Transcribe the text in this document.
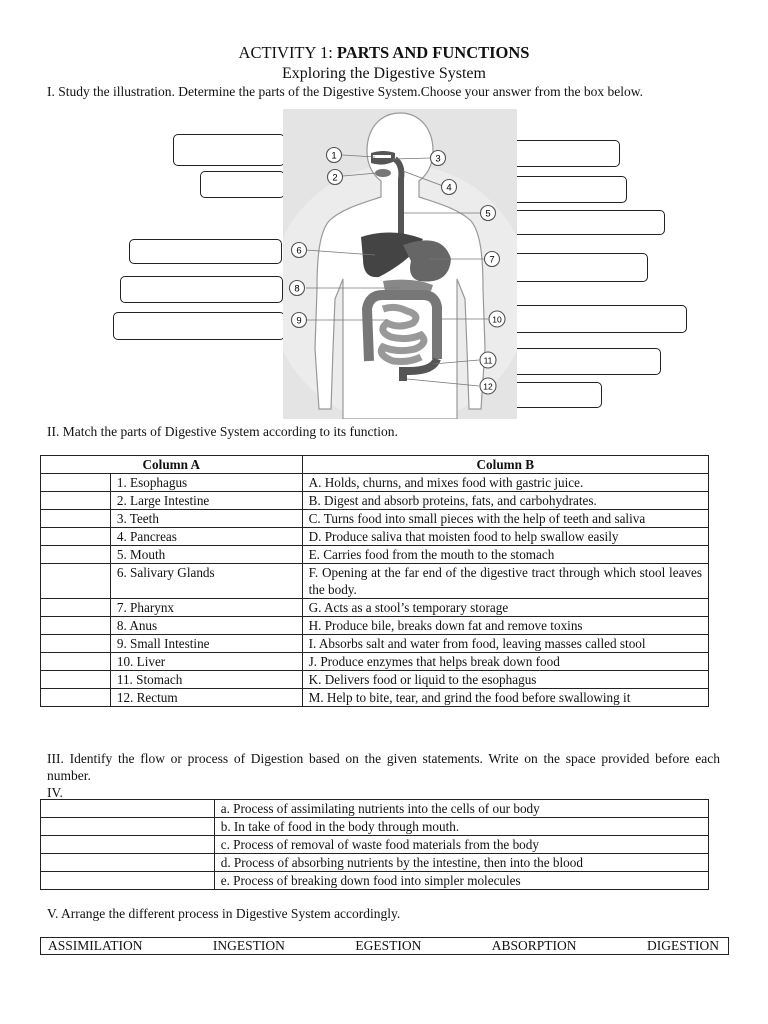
ACTIVITY 1: PARTS AND FUNCTIONS
Exploring the Digestive System
I. Study the illustration. Determine the parts of the Digestive System.Choose your answer from the box below.
1
2
3
4
5
6
7
8
9	10
11
12
II. Match the parts of Digestive System according to its function.
Column A		Column B
	1. Esophagus	A. Holds, churns, and mixes food with gastric juice.
	2. Large Intestine	B. Digest and absorb proteins, fats, and carbohydrates.
	3. Teeth	C. Turns food into small pieces with the help of teeth and saliva
	4. Pancreas	D. Produce saliva that moisten food to help swallow easily
	5. Mouth	E. Carries food from the mouth to the stomach
	6. Salivary Glands	F. Opening at the far end of the digestive tract through which stool leaves the body.
	7. Pharynx	G. Acts as a stool’s temporary storage
	8. Anus	H. Produce bile, breaks down fat and remove toxins
	9. Small Intestine	I. Absorbs salt and water from food, leaving masses called stool
	10. Liver	J. Produce enzymes that helps break down food
	11. Stomach	K. Delivers food or liquid to the esophagus
	12. Rectum	M. Help to bite, tear, and grind the food before swallowing it
III. Identify the flow or process of Digestion based on the given statements. Write on the space provided before each number.
IV.
	a. Process of assimilating nutrients into the cells of our body
	b. In take of food in the body through mouth.
	c. Process of removal of waste food materials from the body
	d. Process of absorbing nutrients by the intestine, then into the blood
	e. Process of breaking down food into simpler molecules
V. Arrange the different process in Digestive System accordingly.
ASSIMILATION	INGESTION	EGESTION	ABSORPTION	DIGESTION
